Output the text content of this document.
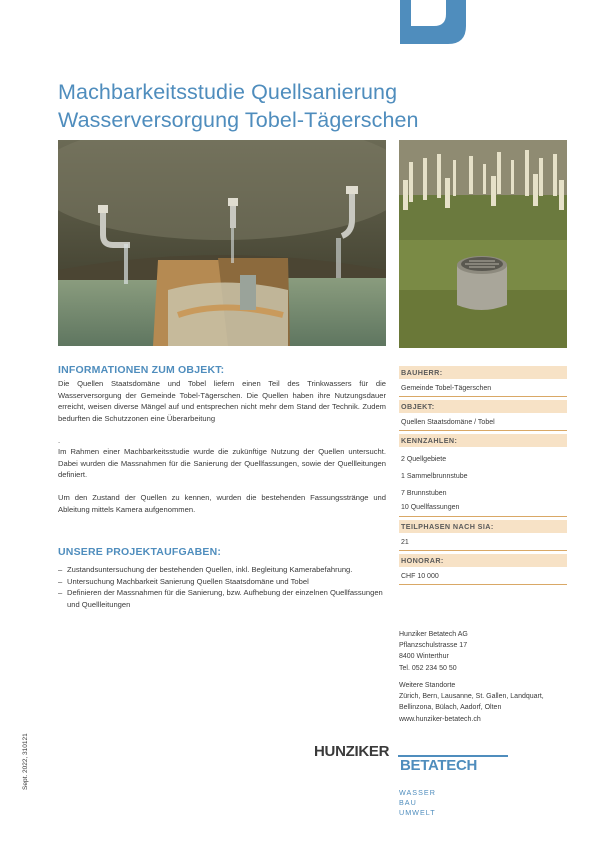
Machbarkeitsstudie Quellsanierung
Wasserversorgung Tobel-Tägerschen
INFORMATIONEN ZUM OBJEKT:
Die Quellen Staatsdomäne und Tobel liefern einen Teil des Trinkwassers für die Wasserversorgung der Gemeinde Tobel-Tägerschen. Die Quellen haben ihre Nutzungsdauer erreicht, weisen diverse Mängel auf und entsprechen nicht mehr dem Stand der Technik. Zudem bedurften die Schutzzonen eine Überarbeitung
.
Im Rahmen einer Machbarkeitsstudie wurde die zukünftige Nutzung der Quellen untersucht. Dabei wurden die Massnahmen für die Sanierung der Quellfassungen, sowie der Quellleitungen definiert.
Um den Zustand der Quellen zu kennen, wurden die bestehenden Fassungsstränge und Ableitung mittels Kamera aufgenommen.
UNSERE PROJEKTAUFGABEN:
– Zustandsuntersuchung der bestehenden Quellen, inkl. Begleitung Kamerabefahrung.
– Untersuchung Machbarkeit Sanierung Quellen Staatsdomäne und Tobel
– Definieren der Massnahmen für die Sanierung, bzw. Aufhebung der einzelnen Quellfassungen und Quellleitungen
BAUHERR:
Gemeinde Tobel-Tägerschen
OBJEKT:
Quellen Staatsdomäne / Tobel
KENNZAHLEN:
2 Quellgebiete
1 Sammelbrunnstube
7 Brunnstuben
10 Quellfassungen
TEILPHASEN NACH SIA:
21
HONORAR:
CHF 10 000
Hunziker Betatech AG
Pflanzschulstrasse 17
8400 Winterthur
Tel. 052 234 50 50
Weitere Standorte
Zürich, Bern, Lausanne, St. Gallen, Landquart, Bellinzona, Bülach, Aadorf, Olten
www.hunziker-betatech.ch
HUNZIKER
BETATECH
WASSER
BAU
UMWELT
Sept. 2022, 310121
